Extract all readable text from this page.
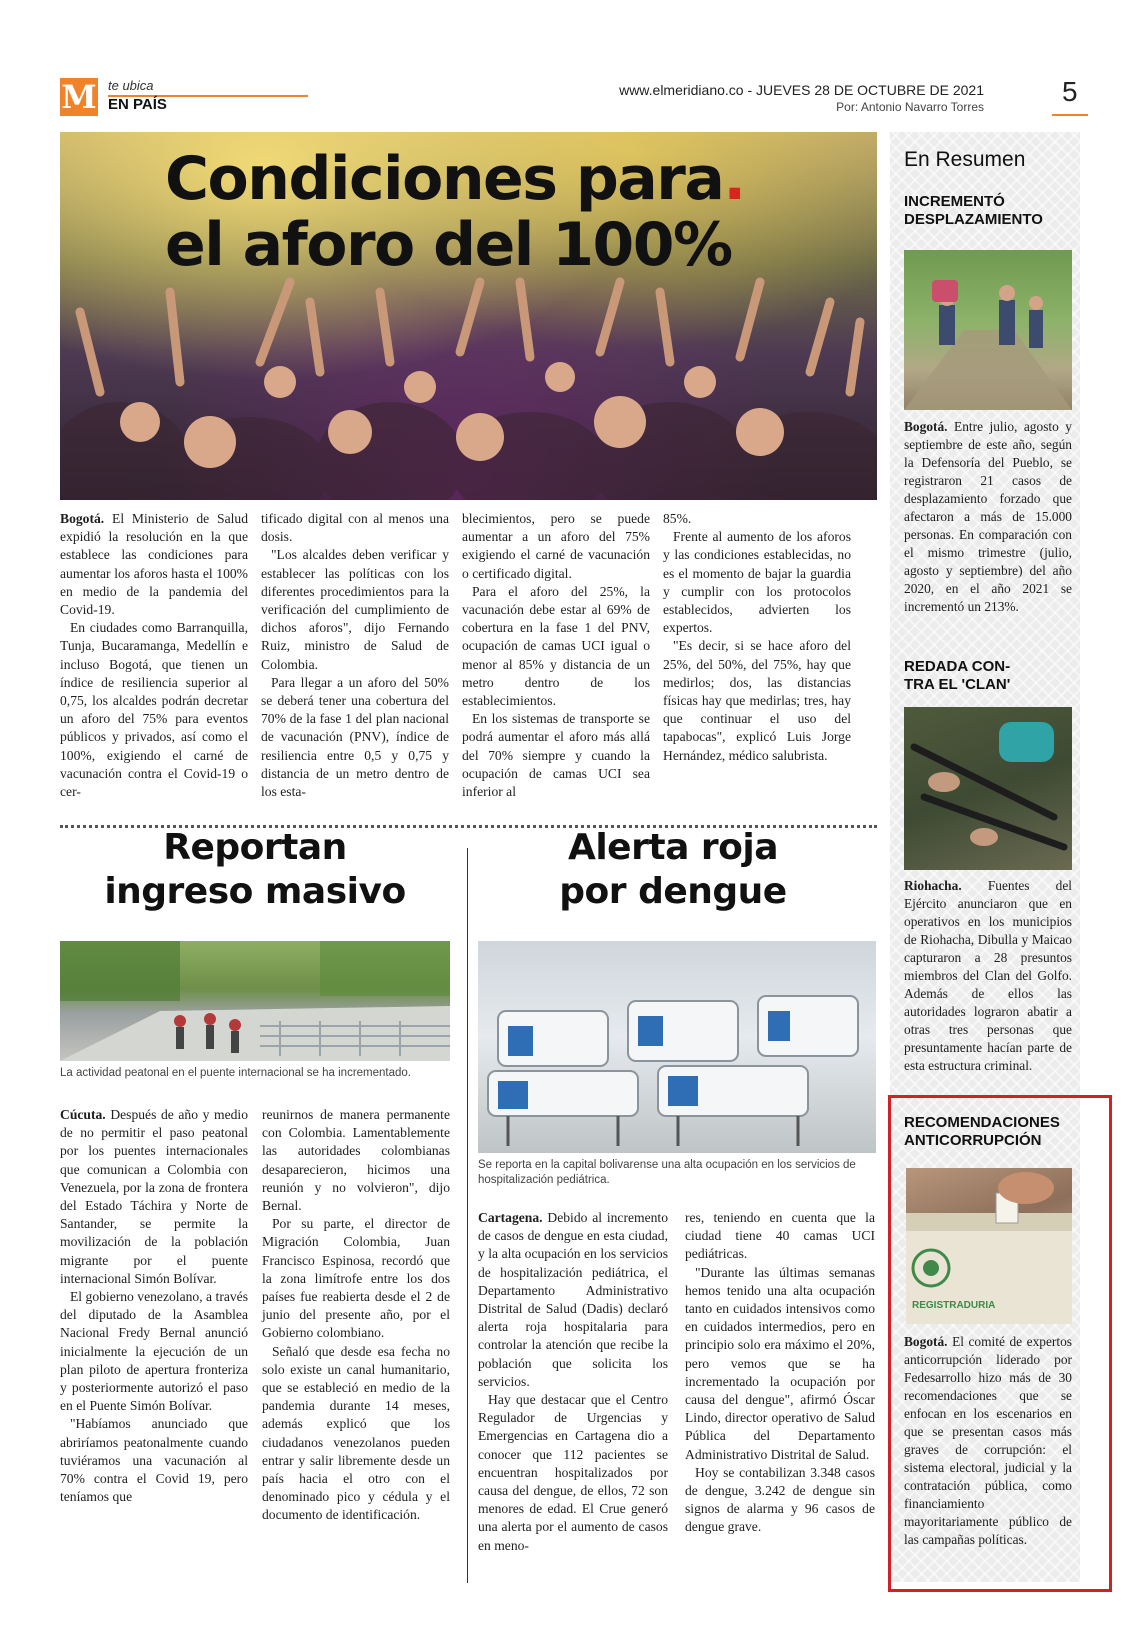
M te ubica
EN PAÍS
www.elmeridiano.co - JUEVES 28 DE OCTUBRE DE 2021
Por: Antonio Navarro Torres	5
Condiciones para.
el aforo del 100%

Bogotá. El Ministerio de Salud expidió la resolución en la que establece las condiciones para aumentar los aforos hasta el 100% en medio de la pandemia del Covid-19.

En ciudades como Barranquilla, Tunja, Bucaramanga, Medellín e incluso Bogotá, que tienen un índice de resiliencia superior al 0,75, los alcaldes podrán decretar un aforo del 75% para eventos públicos y privados, así como el 100%, exigiendo el carné de vacunación contra el Covid-19 o cer-

tificado digital con al menos una dosis.

"Los alcaldes deben verificar y establecer las políticas con los diferentes procedimientos para la verificación del cumplimiento de dichos aforos", dijo Fernando Ruiz, ministro de Salud de Colombia.

Para llegar a un aforo del 50% se deberá tener una cobertura del 70% de la fase 1 del plan nacional de vacunación (PNV), índice de resiliencia entre 0,5 y 0,75 y distancia de un metro dentro de los esta-

blecimientos, pero se puede aumentar a un aforo del 75% exigiendo el carné de vacunación o certificado digital.

Para el aforo del 25%, la vacunación debe estar al 69% de cobertura en la fase 1 del PNV, ocupación de camas UCI igual o menor al 85% y distancia de un metro dentro de los establecimientos.

En los sistemas de transporte se podrá aumentar el aforo más allá del 70% siempre y cuando la ocupación de camas UCI sea inferior al

85%.

Frente al aumento de los aforos y las condiciones establecidas, no es el momento de bajar la guardia y cumplir con los protocolos establecidos, advierten los expertos.

"Es decir, si se hace aforo del 25%, del 50%, del 75%, hay que medirlos; dos, las distancias físicas hay que medirlas; tres, hay que continuar el uso del tapabocas", explicó Luis Jorge Hernández, médico salubrista.

Reportan
ingreso masivo
La actividad peatonal en el puente internacional se ha incrementado.

Cúcuta. Después de año y medio de no permitir el paso peatonal por los puentes internacionales que comunican a Colombia con Venezuela, por la zona de frontera del Estado Táchira y Norte de Santander, se permite la movilización de la población migrante por el puente internacional Simón Bolívar.

El gobierno venezolano, a través del diputado de la Asamblea Nacional Fredy Bernal anunció inicialmente la ejecución de un plan piloto de apertura fronteriza y posteriormente autorizó el paso en el Puente Simón Bolívar.

"Habíamos anunciado que abriríamos peatonalmente cuando tuviéramos una vacunación al 70% contra el Covid 19, pero teníamos que

reunirnos de manera permanente con Colombia. Lamentablemente las autoridades colombianas desaparecieron, hicimos una reunión y no volvieron", dijo Bernal.

Por su parte, el director de Migración Colombia, Juan Francisco Espinosa, recordó que la zona limítrofe entre los dos países fue reabierta desde el 2 de junio del presente año, por el Gobierno colombiano.

Señaló que desde esa fecha no solo existe un canal humanitario, que se estableció en medio de la pandemia durante 14 meses, además explicó que los ciudadanos venezolanos pueden entrar y salir libremente desde un país hacia el otro con el denominado pico y cédula y el documento de identificación.

Alerta roja
por dengue
Se reporta en la capital bolivarense una alta ocupación en los servicios de hospitalización pediátrica.

Cartagena. Debido al incremento de casos de dengue en esta ciudad, y la alta ocupación en los servicios de hospitalización pediátrica, el Departamento Administrativo Distrital de Salud (Dadis) declaró alerta roja hospitalaria para controlar la atención que recibe la población que solicita los servicios.

Hay que destacar que el Centro Regulador de Urgencias y Emergencias en Cartagena dio a conocer que 112 pacientes se encuentran hospitalizados por causa del dengue, de ellos, 72 son menores de edad. El Crue generó una alerta por el aumento de casos en meno-

res, teniendo en cuenta que la ciudad tiene 40 camas UCI pediátricas.

"Durante las últimas semanas hemos tenido una alta ocupación tanto en cuidados intensivos como en cuidados intermedios, pero en principio solo era máximo el 20%, pero vemos que se ha incrementado la ocupación por causa del dengue", afirmó Óscar Lindo, director operativo de Salud Pública del Departamento Administrativo Distrital de Salud.

Hoy se contabilizan 3.348 casos de dengue, 3.242 de dengue sin signos de alarma y 96 casos de dengue grave.

En Resumen
INCREMENTÓ
DESPLAZAMIENTO
Bogotá. Entre julio, agosto y septiembre de este año, según la Defensoría del Pueblo, se registraron 21 casos de desplazamiento forzado que afectaron a más de 15.000 personas. En comparación con el mismo trimestre (julio, agosto y septiembre) del año 2020, en el año 2021 se incrementó un 213%.
REDADA CON-
TRA EL 'CLAN'
Riohacha. Fuentes del Ejército anunciaron que en operativos en los municipios de Riohacha, Dibulla y Maicao capturaron a 28 presuntos miembros del Clan del Golfo. Además de ellos las autoridades lograron abatir a otras tres personas que presuntamente hacían parte de esta estructura criminal.
RECOMENDACIONES
ANTICORRUPCIÓN
REGISTRADURIA
Bogotá. El comité de expertos anticorrupción liderado por Fedesarrollo hizo más de 30 recomendaciones que se enfocan en los escenarios en que se presentan casos más graves de corrupción: el sistema electoral, judicial y la contratación pública, como financiamiento mayoritariamente público de las campañas políticas.
